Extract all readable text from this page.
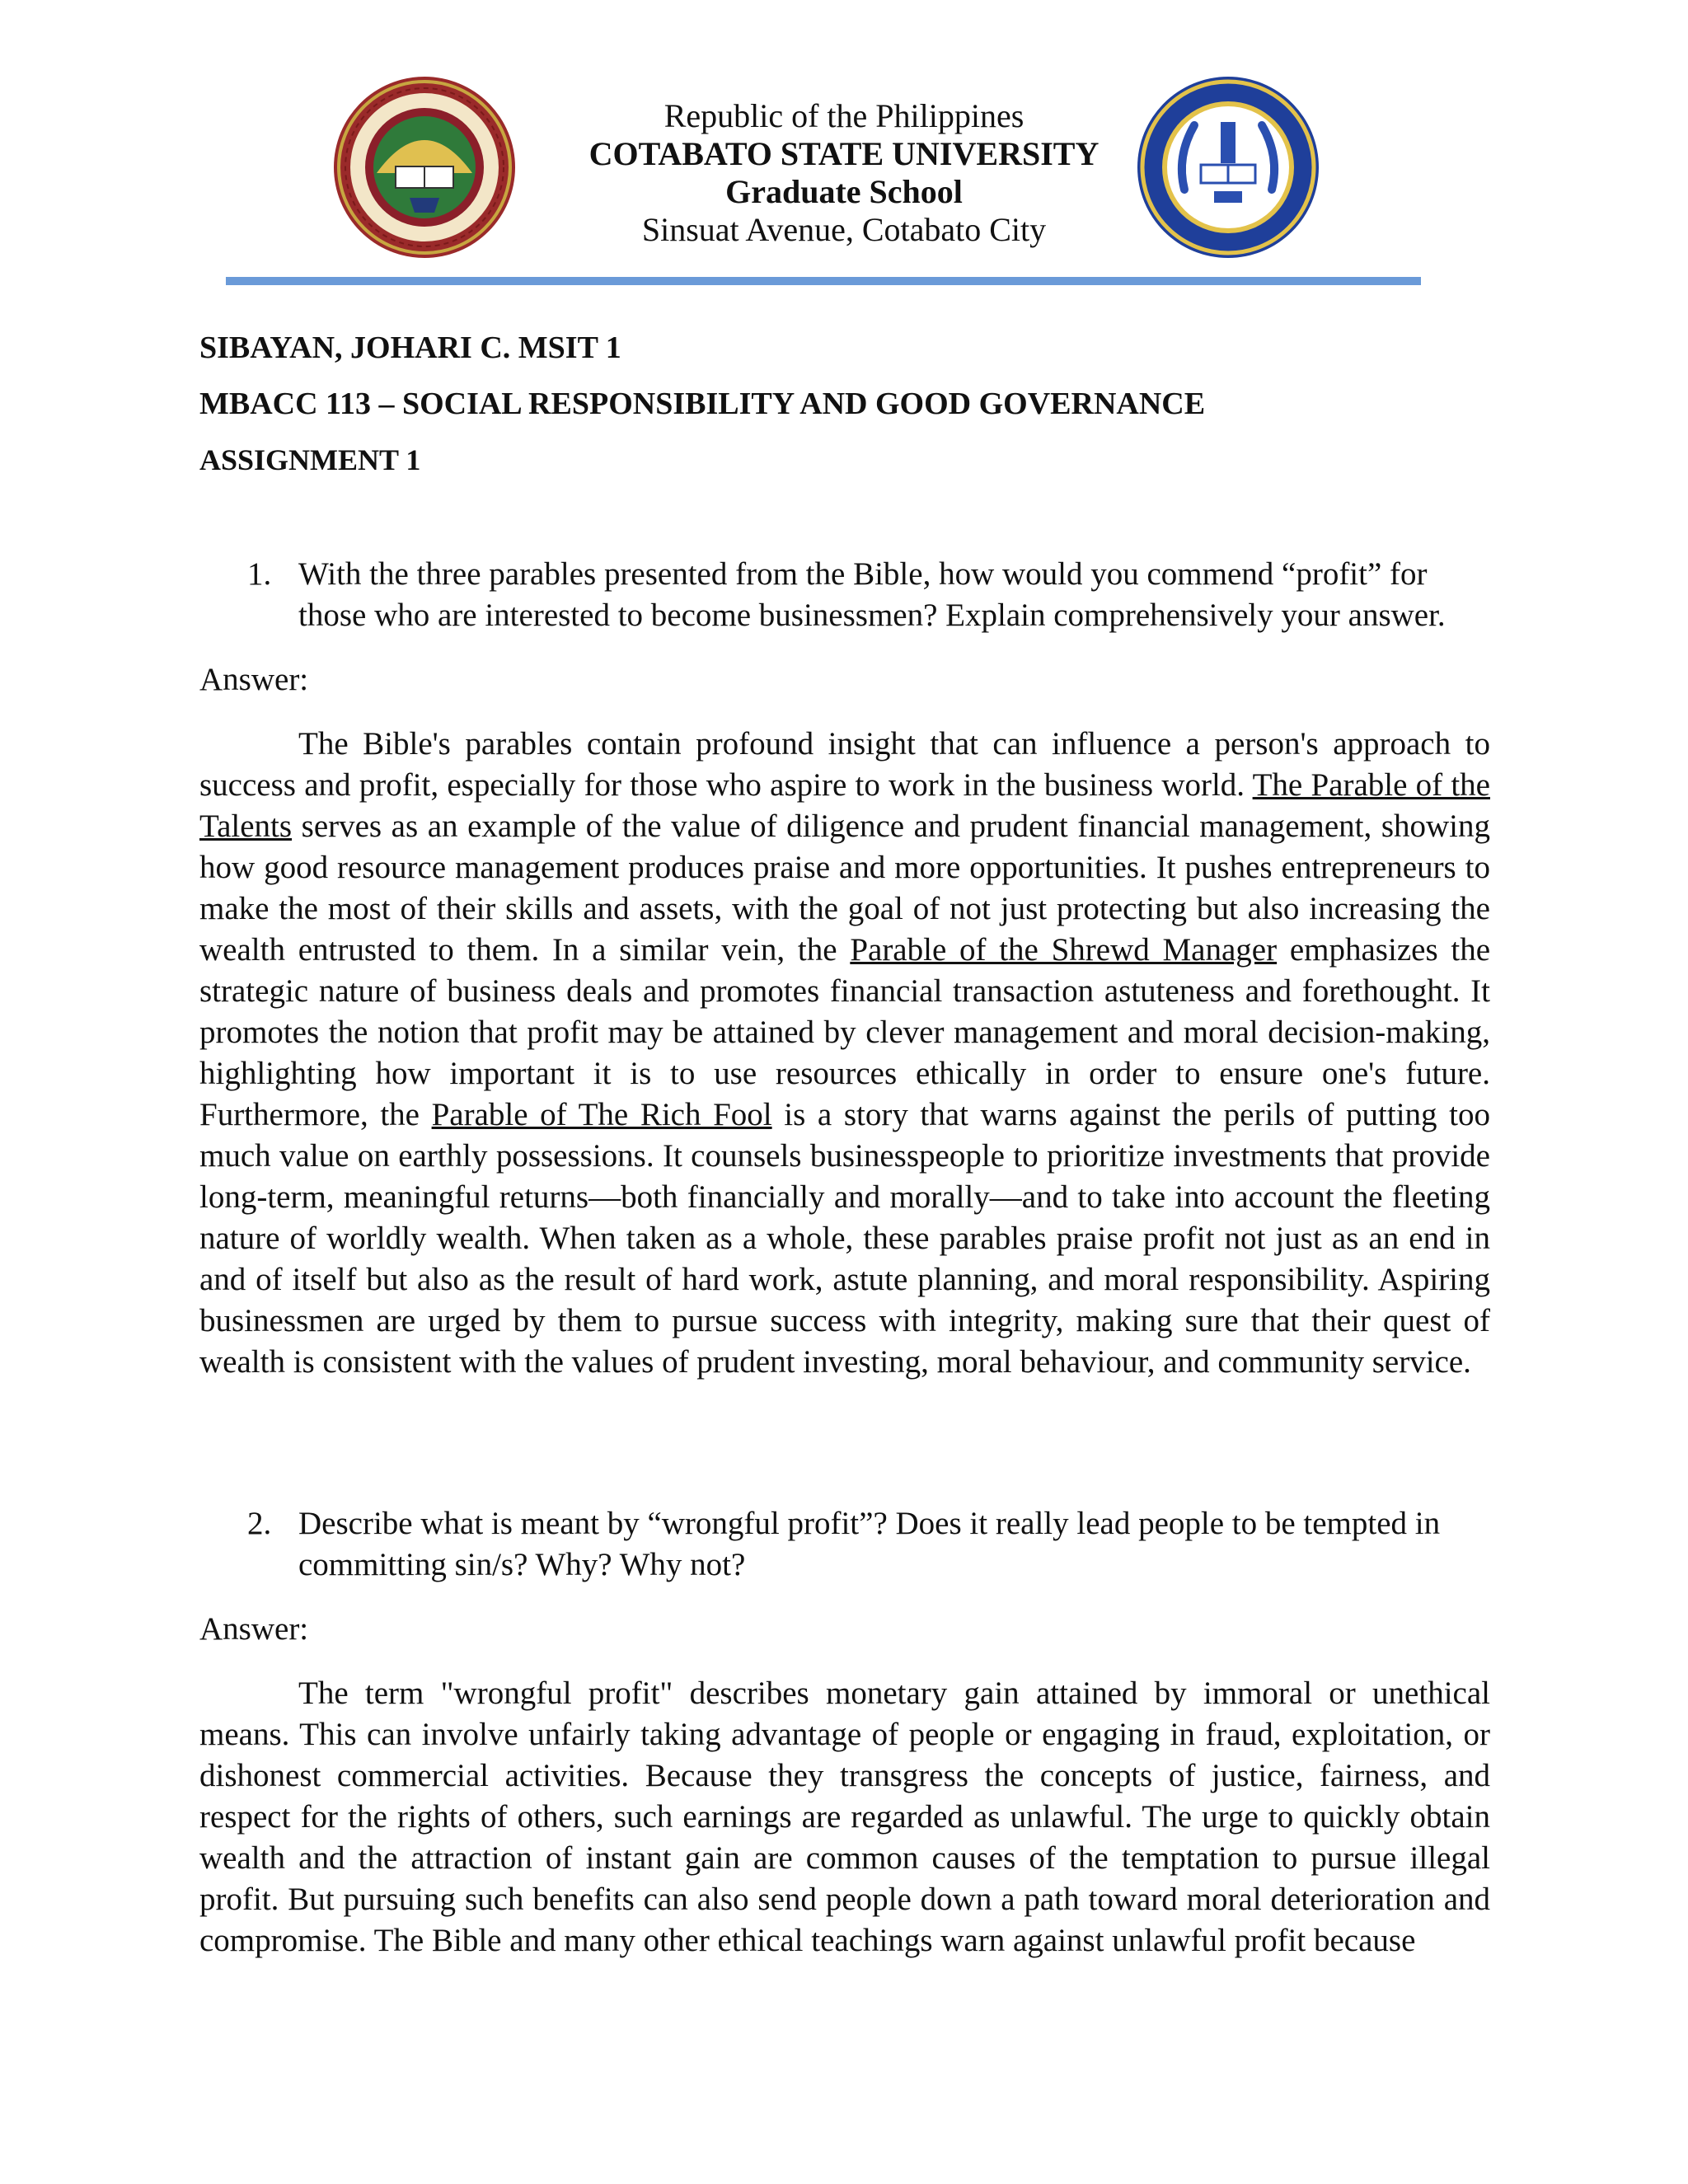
Republic of the Philippines
COTABATO STATE UNIVERSITY
Graduate School
Sinsuat Avenue, Cotabato City
SIBAYAN, JOHARI C. MSIT 1
MBACC 113 – SOCIAL RESPONSIBILITY AND GOOD GOVERNANCE
ASSIGNMENT 1
1. With the three parables presented from the Bible, how would you commend “profit” for those who are interested to become businessmen? Explain comprehensively your answer.
Answer:

The Bible's parables contain profound insight that can influence a person's approach to success and profit, especially for those who aspire to work in the business world. The Parable of the Talents serves as an example of the value of diligence and prudent financial management, showing how good resource management produces praise and more opportunities. It pushes entrepreneurs to make the most of their skills and assets, with the goal of not just protecting but also increasing the wealth entrusted to them. In a similar vein, the Parable of the Shrewd Manager emphasizes the strategic nature of business deals and promotes financial transaction astuteness and forethought. It promotes the notion that profit may be attained by clever management and moral decision-making, highlighting how important it is to use resources ethically in order to ensure one's future. Furthermore, the Parable of The Rich Fool is a story that warns against the perils of putting too much value on earthly possessions. It counsels businesspeople to prioritize investments that provide long-term, meaningful returns—both financially and morally—and to take into account the fleeting nature of worldly wealth. When taken as a whole, these parables praise profit not just as an end in and of itself but also as the result of hard work, astute planning, and moral responsibility. Aspiring businessmen are urged by them to pursue success with integrity, making sure that their quest of wealth is consistent with the values of prudent investing, moral behaviour, and community service.

2. Describe what is meant by “wrongful profit”? Does it really lead people to be tempted in committing sin/s? Why? Why not?
Answer:

The term "wrongful profit" describes monetary gain attained by immoral or unethical means. This can involve unfairly taking advantage of people or engaging in fraud, exploitation, or dishonest commercial activities. Because they transgress the concepts of justice, fairness, and respect for the rights of others, such earnings are regarded as unlawful. The urge to quickly obtain wealth and the attraction of instant gain are common causes of the temptation to pursue illegal profit. But pursuing such benefits can also send people down a path toward moral deterioration and compromise. The Bible and many other ethical teachings warn against unlawful profit because
